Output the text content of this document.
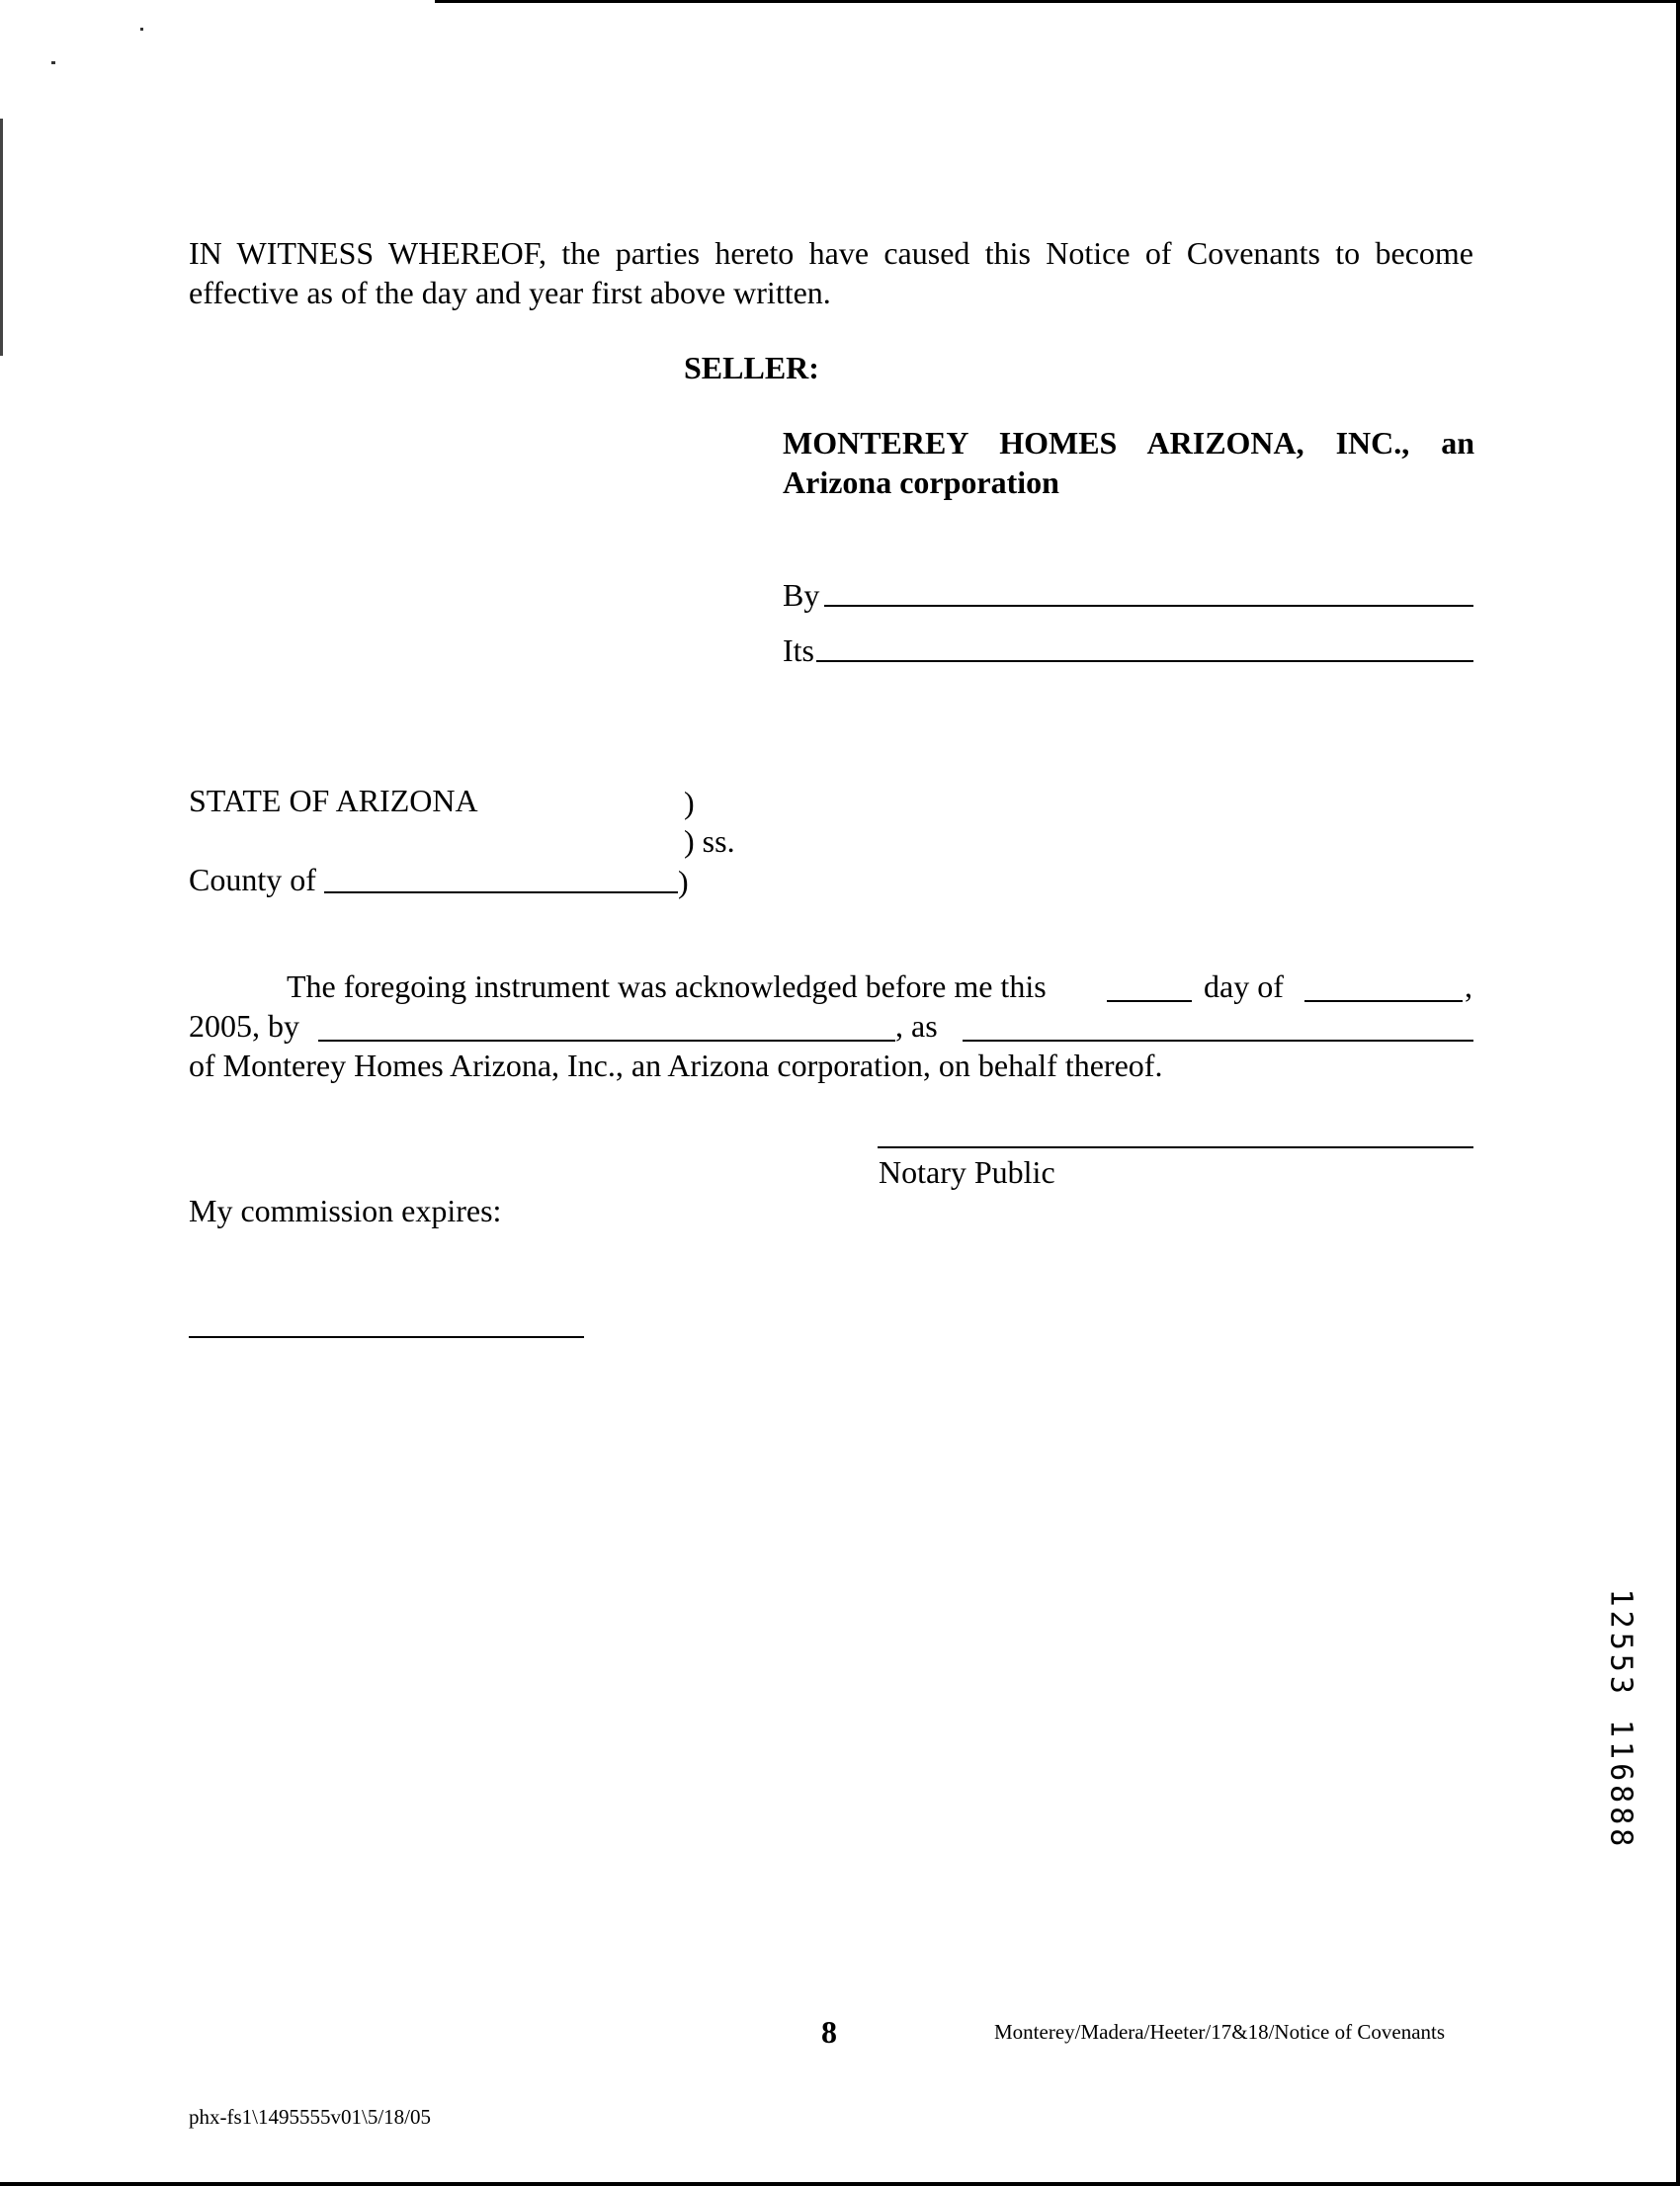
IN WITNESS WHEREOF, the parties hereto have caused this Notice of Covenants to become effective as of the day and year first above written.
SELLER:
MONTEREY HOMES ARIZONA, INC., an
Arizona corporation
By
Its
STATE OF ARIZONA	)
) ss.
County of	)
The foregoing instrument was acknowledged before me this	day of	,
2005, by	, as
of Monterey Homes Arizona, Inc., an Arizona corporation, on behalf thereof.
Notary Public
My commission expires:
12553 116888
8	Monterey/Madera/Heeter/17&18/Notice of Covenants
phx-fs1\1495555v01\5/18/05
